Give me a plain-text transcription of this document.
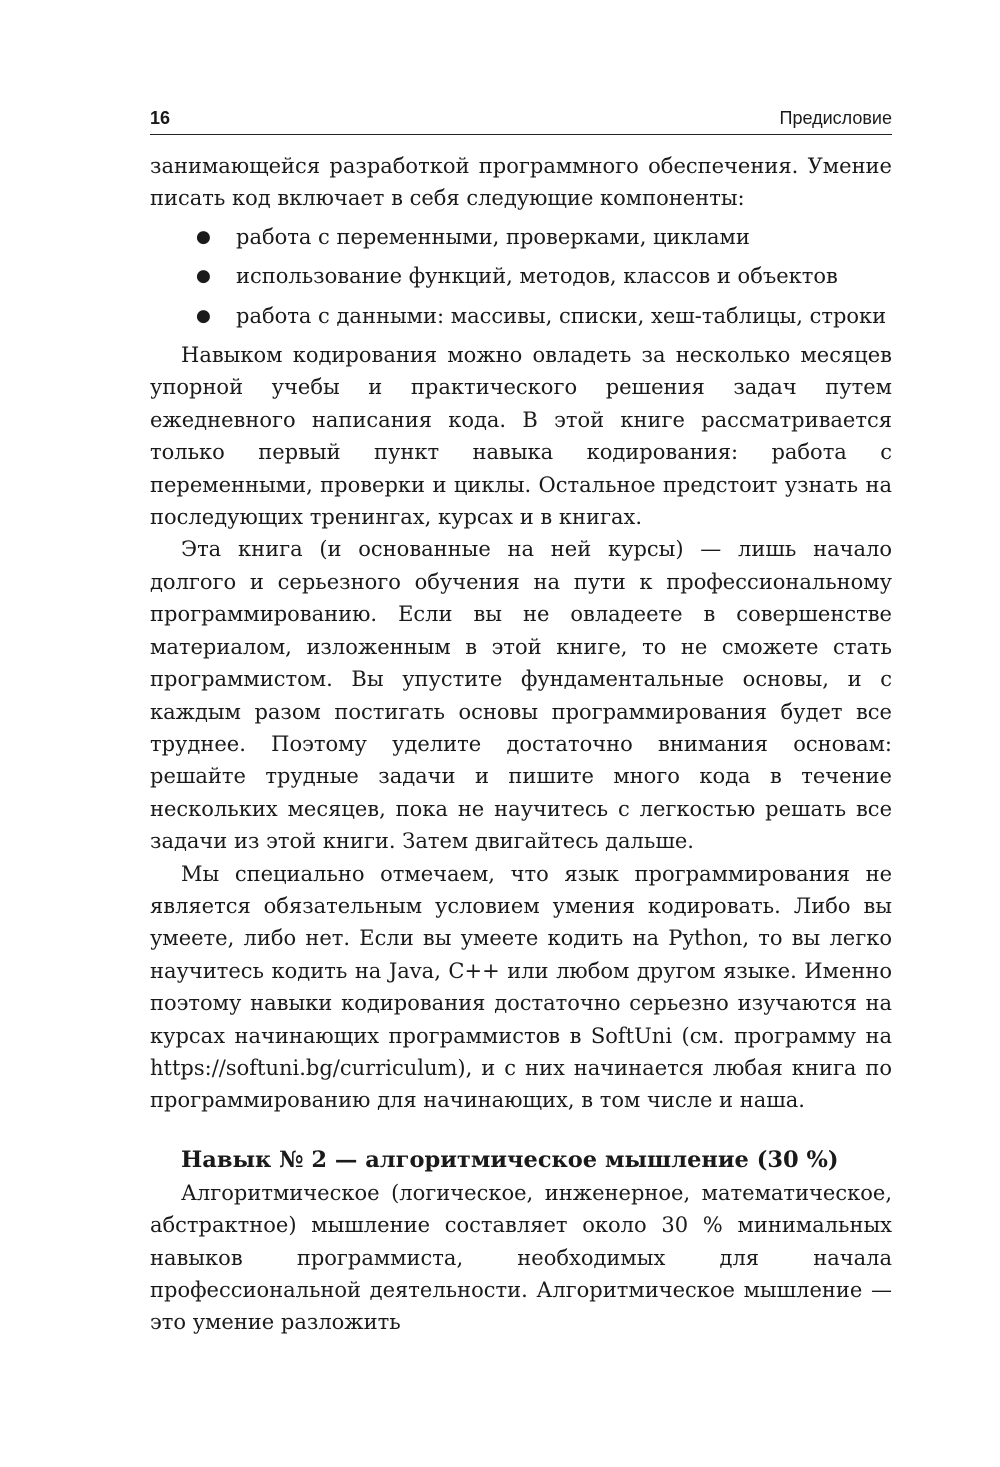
16	Предисловие

занимающейся разработкой программного обеспечения. Умение писать код включает в себя следующие компоненты:

● работа с переменными, проверками, циклами
● использование функций, методов, классов и объектов
● работа с данными: массивы, списки, хеш-таблицы, строки

Навыком кодирования можно овладеть за несколько месяцев упорной учебы и практического решения задач путем ежедневного написания кода. В этой книге рассматривается только первый пункт навыка кодирования: работа с переменными, проверки и циклы. Остальное предстоит узнать на последующих тренингах, курсах и в книгах.

Эта книга (и основанные на ней курсы) — лишь начало долгого и серьезного обучения на пути к профессиональному программированию. Если вы не овладеете в совершенстве материалом, изложенным в этой книге, то не сможете стать программистом. Вы упустите фундаментальные основы, и с каждым разом постигать основы программирования будет все труднее. Поэтому уделите достаточно внимания основам: решайте трудные задачи и пишите много кода в течение нескольких месяцев, пока не научитесь с легкостью решать все задачи из этой книги. Затем двигайтесь дальше.

Мы специально отмечаем, что язык программирования не является обязательным условием умения кодировать. Либо вы умеете, либо нет. Если вы умеете кодить на Python, то вы легко научитесь кодить на Java, C++ или любом другом языке. Именно поэтому навыки кодирования достаточно серьезно изучаются на курсах начинающих программистов в SoftUni (см. программу на https://softuni.bg/curriculum), и с них начинается любая книга по программированию для начинающих, в том числе и наша.

Навык № 2 — алгоритмическое мышление (30 %)

Алгоритмическое (логическое, инженерное, математическое, абстрактное) мышление составляет около 30 % минимальных навыков программиста, необходимых для начала профессиональной деятельности. Алгоритмическое мышление — это умение разложить
